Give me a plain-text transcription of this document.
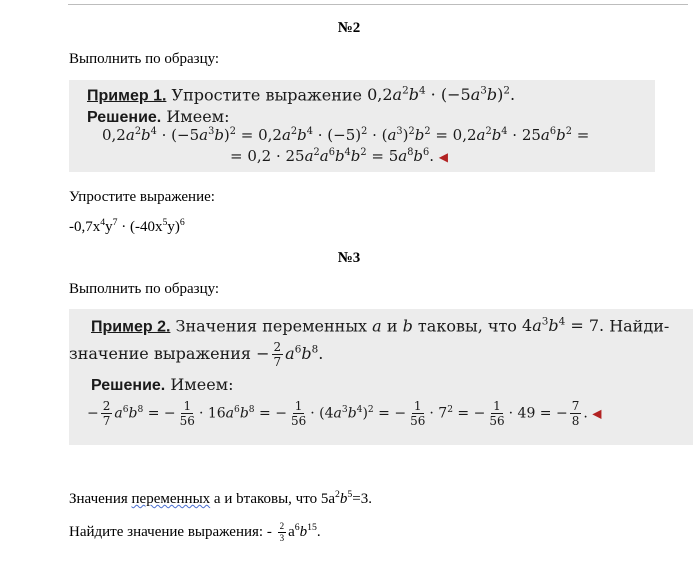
№2
Выполнить по образцу:
Пример 1. Упростите выражение $0,2a^2b^4 \cdot (-5a^3b)^2$.
Решение. Имеем:
$0,2a^2b^4 \cdot (-5a^3b)^2 = 0,2a^2b^4 \cdot (-5)^2 \cdot (a^3)^2b^2 = 0,2a^2b^4 \cdot 25a^6b^2$ =
= $0,2 \cdot 25a^2a^6b^4b^2 = 5a^8b^6$. ◀
Упростите выражение:
$-0,7x^4y^7 \cdot (-40x^5y)^6$
№3
Выполнить по образцу:
Пример 2. Значения переменных a и b таковы, что $4a^3b^4 = 7$. Найди-
значение выражения − $\frac{2}{7} a^6b^8$.
Решение. Имеем:
− $\frac{2}{7} a^6b^8$ = − $\frac{1}{56} \cdot 16a^6b^8$ = − $\frac{1}{56} \cdot (4a^3b^4)^2$ = − $\frac{1}{56} \cdot 7^2$ = − $\frac{1}{56} \cdot 49$ = − $\frac{7}{8}$ . ◀
Значения переменных а и bтаковы, что $5a^2b^5=3$.
Найдите значение выражения: - $\frac{2}{3} a^6b^{15}$.
